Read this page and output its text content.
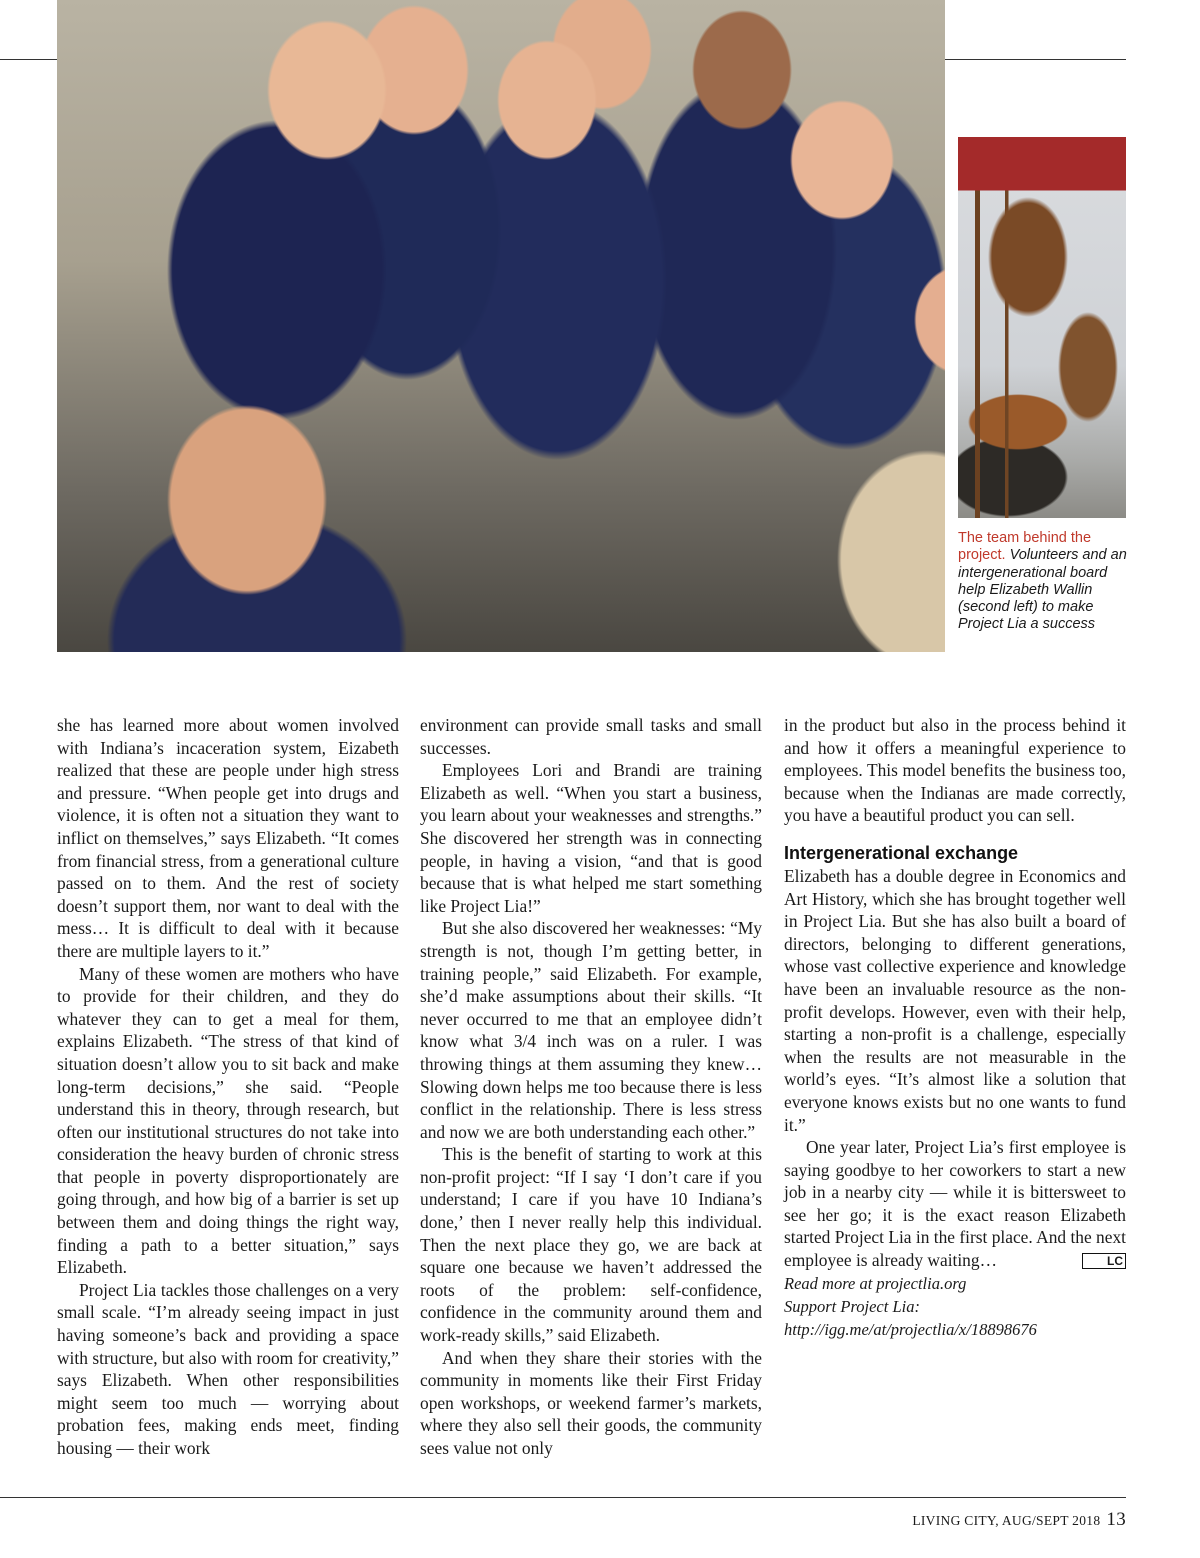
The team behind the project. Volunteers and an intergenerational board help Elizabeth Wallin (second left) to make Project Lia a success

she has learned more about women involved with Indiana’s incaceration system, Eizabeth realized that these are people under high stress and pressure. “When people get into drugs and violence, it is often not a situation they want to inflict on themselves,” says Elizabeth. “It comes from financial stress, from a generational culture passed on to them. And the rest of society doesn’t support them, nor want to deal with the mess… It is difficult to deal with it because there are multiple layers to it.”

Many of these women are mothers who have to provide for their children, and they do whatever they can to get a meal for them, explains Elizabeth. “The stress of that kind of situation doesn’t allow you to sit back and make long-term decisions,” she said. “People understand this in theory, through research, but often our institutional structures do not take into consideration the heavy burden of chronic stress that people in poverty disproportionately are going through, and how big of a barrier is set up between them and doing things the right way, finding a path to a better situation,” says Elizabeth.

Project Lia tackles those challenges on a very small scale. “I’m already seeing impact in just having someone’s back and providing a space with structure, but also with room for creativity,” says Elizabeth. When other responsibilities might seem too much — worrying about probation fees, making ends meet, finding housing — their work

environment can provide small tasks and small successes.

Employees Lori and Brandi are training Elizabeth as well. “When you start a business, you learn about your weaknesses and strengths.” She discovered her strength was in connecting people, in having a vision, “and that is good because that is what helped me start something like Project Lia!”

But she also discovered her weaknesses: “My strength is not, though I’m getting better, in training people,” said Elizabeth. For example, she’d make assumptions about their skills. “It never occurred to me that an employee didn’t know what 3/4 inch was on a ruler. I was throwing things at them assuming they knew… Slowing down helps me too because there is less conflict in the relationship. There is less stress and now we are both understanding each other.”

This is the benefit of starting to work at this non-profit project: “If I say ‘I don’t care if you understand; I care if you have 10 Indiana’s done,’ then I never really help this individual. Then the next place they go, we are back at square one because we haven’t addressed the roots of the problem: self-confidence, confidence in the community around them and work-ready skills,” said Elizabeth.

And when they share their stories with the community in moments like their First Friday open workshops, or weekend farmer’s markets, where they also sell their goods, the community sees value not only

in the product but also in the process behind it and how it offers a meaningful experience to employees. This model benefits the business too, because when the Indianas are made correctly, you have a beautiful product you can sell.

Intergenerational exchange

Elizabeth has a double degree in Economics and Art History, which she has brought together well in Project Lia. But she has also built a board of directors, belonging to different generations, whose vast collective experience and knowledge have been an invaluable resource as the non-profit develops. However, even with their help, starting a non-profit is a challenge, especially when the results are not measurable in the world’s eyes. “It’s almost like a solution that everyone knows exists but no one wants to fund it.”

One year later, Project Lia’s first employee is saying goodbye to her coworkers to start a new job in a nearby city — while it is bittersweet to see her go; it is the exact reason Elizabeth started Project Lia in the first place. And the next employee is already waiting…	LC

Read more at projectlia.org

Support Project Lia: http://igg.me/at/projectlia/x/18898676

LIVING CITY, AUG/SEPT 2018 13
